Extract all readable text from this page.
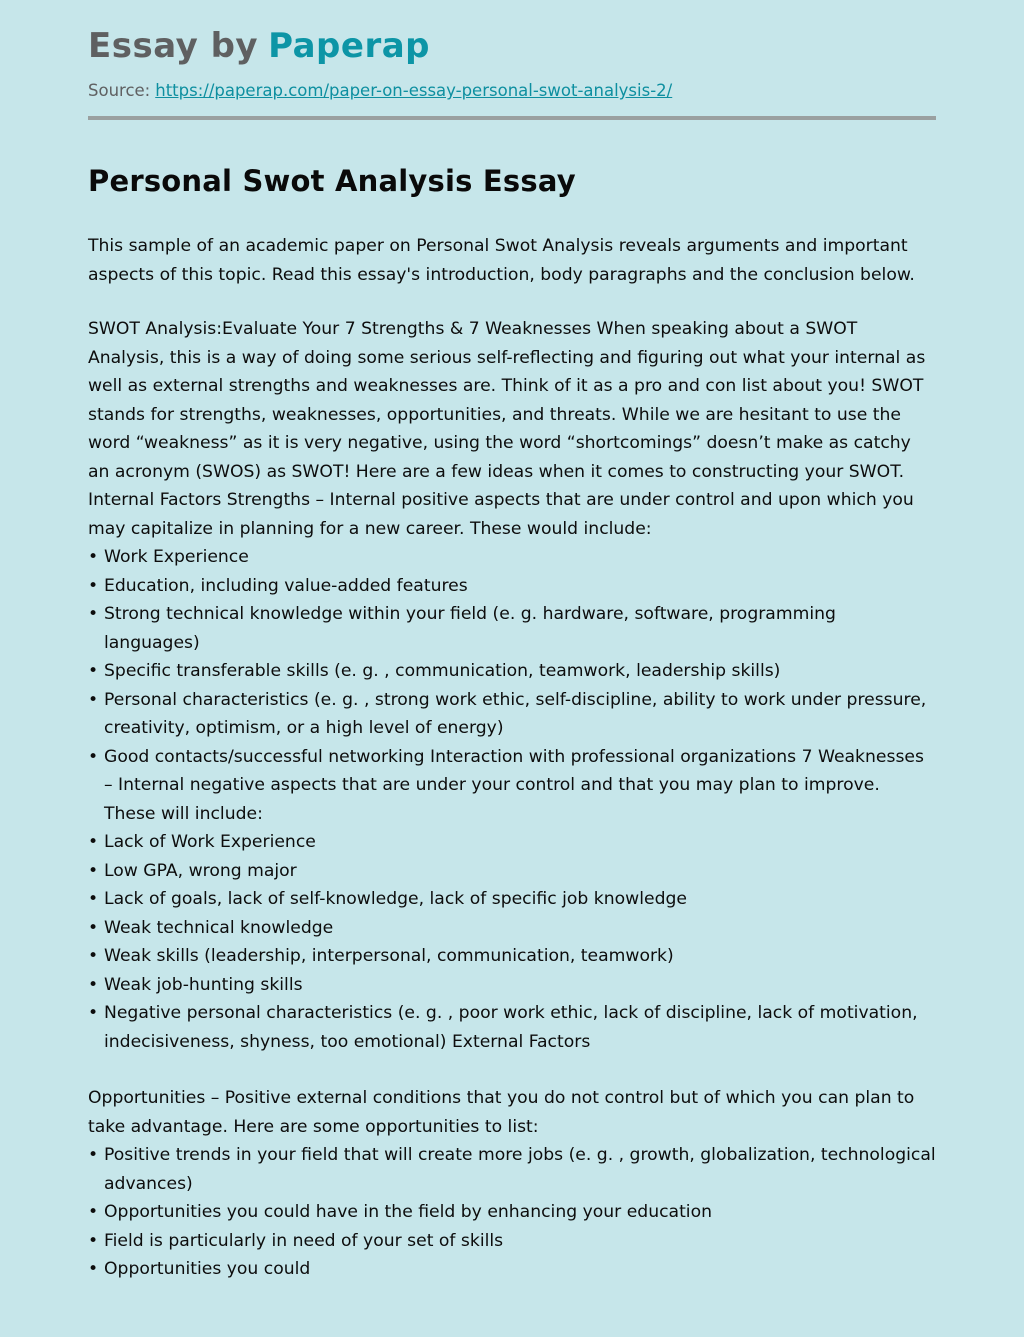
Essay by Paperap
Source: https://paperap.com/paper-on-essay-personal-swot-analysis-2/
Personal Swot Analysis Essay

This sample of an academic paper on Personal Swot Analysis reveals arguments and important aspects of this topic. Read this essay's introduction, body paragraphs and the conclusion below.

SWOT Analysis:Evaluate Your 7 Strengths & 7 Weaknesses When speaking about a SWOT Analysis, this is a way of doing some serious self-reflecting and figuring out what your internal as well as external strengths and weaknesses are. Think of it as a pro and con list about you! SWOT stands for strengths, weaknesses, opportunities, and threats. While we are hesitant to use the word “weakness” as it is very negative, using the word “shortcomings” doesn’t make as catchy an acronym (SWOS) as SWOT! Here are a few ideas when it comes to constructing your SWOT. Internal Factors Strengths – Internal positive aspects that are under control and upon which you may capitalize in planning for a new career. These would include:

• Work Experience
• Education, including value-added features
• Strong technical knowledge within your field (e. g. hardware, software, programming languages)
• Specific transferable skills (e. g. , communication, teamwork, leadership skills)
• Personal characteristics (e. g. , strong work ethic, self-discipline, ability to work under pressure, creativity, optimism, or a high level of energy)
• Good contacts/successful networking Interaction with professional organizations 7 Weaknesses – Internal negative aspects that are under your control and that you may plan to improve. These will include:
• Lack of Work Experience
• Low GPA, wrong major
• Lack of goals, lack of self-knowledge, lack of specific job knowledge
• Weak technical knowledge
• Weak skills (leadership, interpersonal, communication, teamwork)
• Weak job-hunting skills
• Negative personal characteristics (e. g. , poor work ethic, lack of discipline, lack of motivation, indecisiveness, shyness, too emotional) External Factors

Opportunities – Positive external conditions that you do not control but of which you can plan to take advantage. Here are some opportunities to list:

• Positive trends in your field that will create more jobs (e. g. , growth, globalization, technological advances)
• Opportunities you could have in the field by enhancing your education
• Field is particularly in need of your set of skills
• Opportunities you could
